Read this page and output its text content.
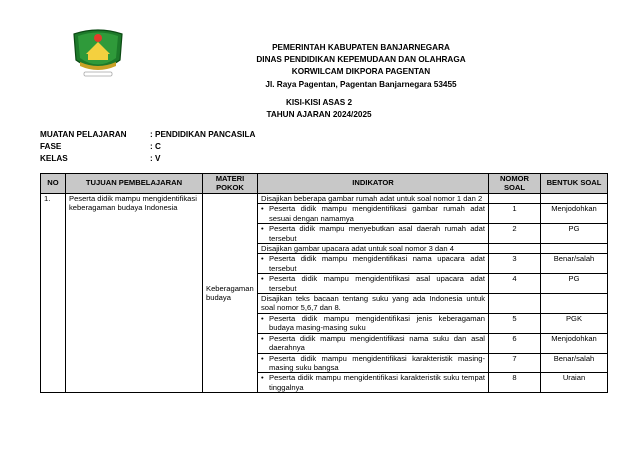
PEMERINTAH KABUPATEN BANJARNEGARA
DINAS PENDIDIKAN KEPEMUDAAN DAN OLAHRAGA
KORWILCAM DIKPORA PAGENTAN
Jl. Raya Pagentan, Pagentan Banjarnegara 53455
KISI-KISI ASAS 2
TAHUN AJARAN 2024/2025
MUATAN PELAJARAN	: PENDIDIKAN PANCASILA
FASE	: C
KELAS	: V
NO	TUJUAN PEMBELAJARAN	MATERI POKOK	INDIKATOR	NOMOR SOAL	BENTUK SOAL
1.	Peserta didik mampu mengidentifikasi keberagaman budaya Indonesia	Keberagaman budaya	Disajikan beberapa gambar rumah adat untuk soal nomor 1 dan 2		

			• Peserta didik mampu mengidentifikasi gambar rumah adat sesuai dengan namamya	1	Menjodohkan

			• Peserta didik mampu menyebutkan asal daerah rumah adat tersebut	2	PG
			Disajikan gambar upacara adat untuk soal nomor 3 dan 4		

			• Peserta didik mampu mengidentifikasi nama upacara adat tersebut	3	Benar/salah

			• Peserta didik mampu mengidentifikasi asal upacara adat tersebut	4	PG
			Disajikan teks bacaan tentang suku yang ada Indonesia untuk soal nomor 5,6,7 dan 8.		

			• Peserta didik mampu mengidentifikasi jenis keberagaman budaya masing-masing suku	5	PGK

			• Peserta didik mampu mengidentifikasi nama suku dan asal daerahnya	6	Menjodohkan

			• Peserta didik mampu mengidentifikasi karakteristik masing-masing suku bangsa	7	Benar/salah

			• Peserta didik mampu mengidentifikasi karakteristik suku tempat tinggalnya	8	Uraian
